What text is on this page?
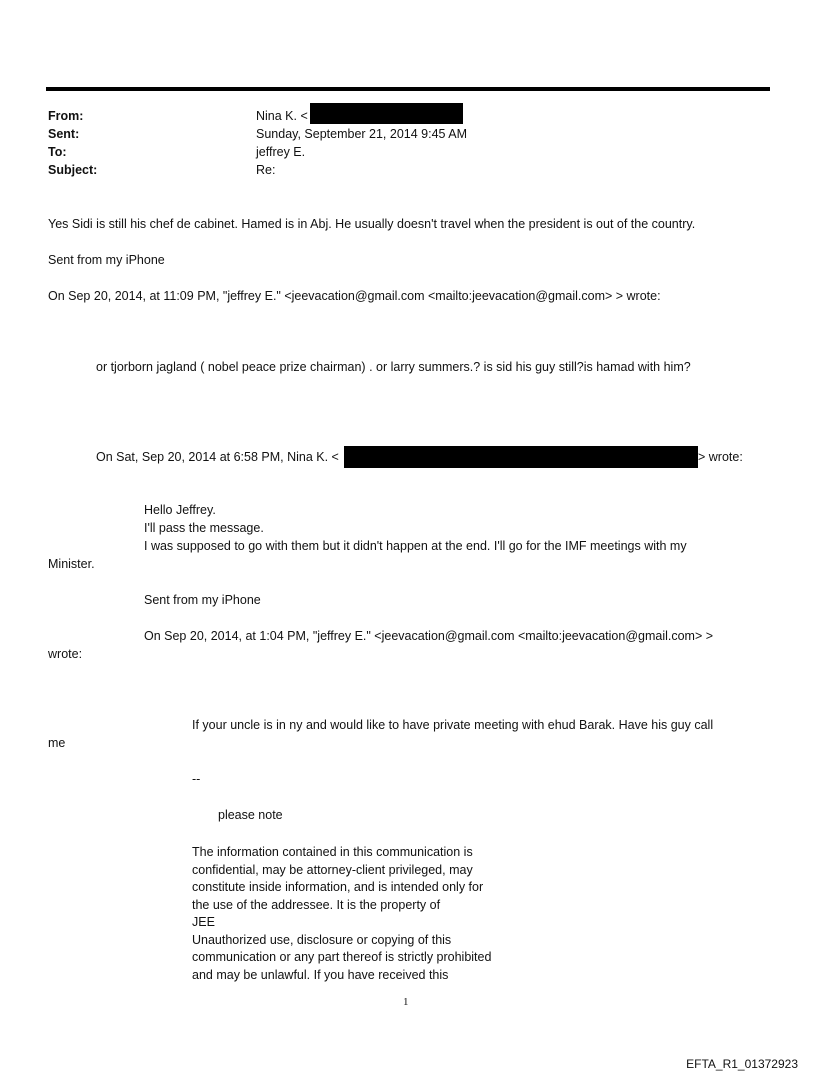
From:	Nina K. <
Sent:	Sunday, September 21, 2014 9:45 AM
To:	jeffrey E.
Subject:	Re:
Yes Sidi is still his chef de cabinet. Hamed is in Abj. He usually doesn't travel when the president is out of the country.
Sent from my iPhone
On Sep 20, 2014, at 11:09 PM, "jeffrey E." <jeevacation@gmail.com <mailto:jeevacation@gmail.com> > wrote:
or tjorborn jagland ( nobel peace prize chairman) . or larry summers.? is sid his guy still?is hamad with him?
On Sat, Sep 20, 2014 at 6:58 PM, Nina K. <	> wrote:
Hello Jeffrey.
I'll pass the message.
I was supposed to go with them but it didn't happen at the end. I'll go for the IMF meetings with my
Minister.
Sent from my iPhone
On Sep 20, 2014, at 1:04 PM, "jeffrey E." <jeevacation@gmail.com <mailto:jeevacation@gmail.com> >
wrote:
If your uncle is in ny and would like to have private meeting with ehud Barak. Have his guy call
me
--
please note
The information contained in this communication is
confidential, may be attorney-client privileged, may
constitute inside information, and is intended only for
the use of the addressee. It is the property of
JEE
Unauthorized use, disclosure or copying of this
communication or any part thereof is strictly prohibited
and may be unlawful. If you have received this
1
EFTA_R1_01372923
